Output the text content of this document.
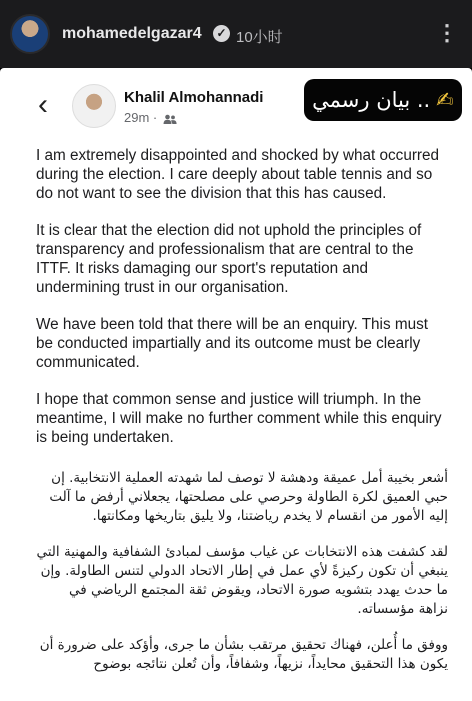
mohamedelgazar4 ✓ 10小时	⋮
‹	Khalil Almohannadi
29m ·
بيان رسمي .. ✍

I am extremely disappointed and shocked by what occurred during the election. I care deeply about table tennis and so do not want to see the division that this has caused.

It is clear that the election did not uphold the principles of transparency and professionalism that are central to the ITTF. It risks damaging our sport's reputation and undermining trust in our organisation.

We have been told that there will be an enquiry. This must be conducted impartially and its outcome must be clearly communicated.

I hope that common sense and justice will triumph. In the meantime, I will make no further comment while this enquiry is being undertaken.

أشعر بخيبة أمل عميقة ودهشة لا توصف لما شهدته العملية الانتخابية. إن حبي العميق لكرة الطاولة وحرصي على مصلحتها، يجعلاني أرفض ما آلت إليه الأمور من انقسام لا يخدم رياضتنا، ولا يليق بتاريخها ومكانتها.

لقد كشفت هذه الانتخابات عن غياب مؤسف لمبادئ الشفافية والمهنية التي ينبغي أن تكون ركيزةً لأي عمل في إطار الاتحاد الدولي لتنس الطاولة. وإن ما حدث يهدد بتشويه صورة الاتحاد، ويقوض ثقة المجتمع الرياضي في نزاهة مؤسساته.

ووفق ما أُعلن، فهناك تحقيق مرتقب بشأن ما جرى، وأؤكد على ضرورة أن يكون هذا التحقيق محايداً، نزيهاً، وشفافاً، وأن تُعلن نتائجه بوضوح
